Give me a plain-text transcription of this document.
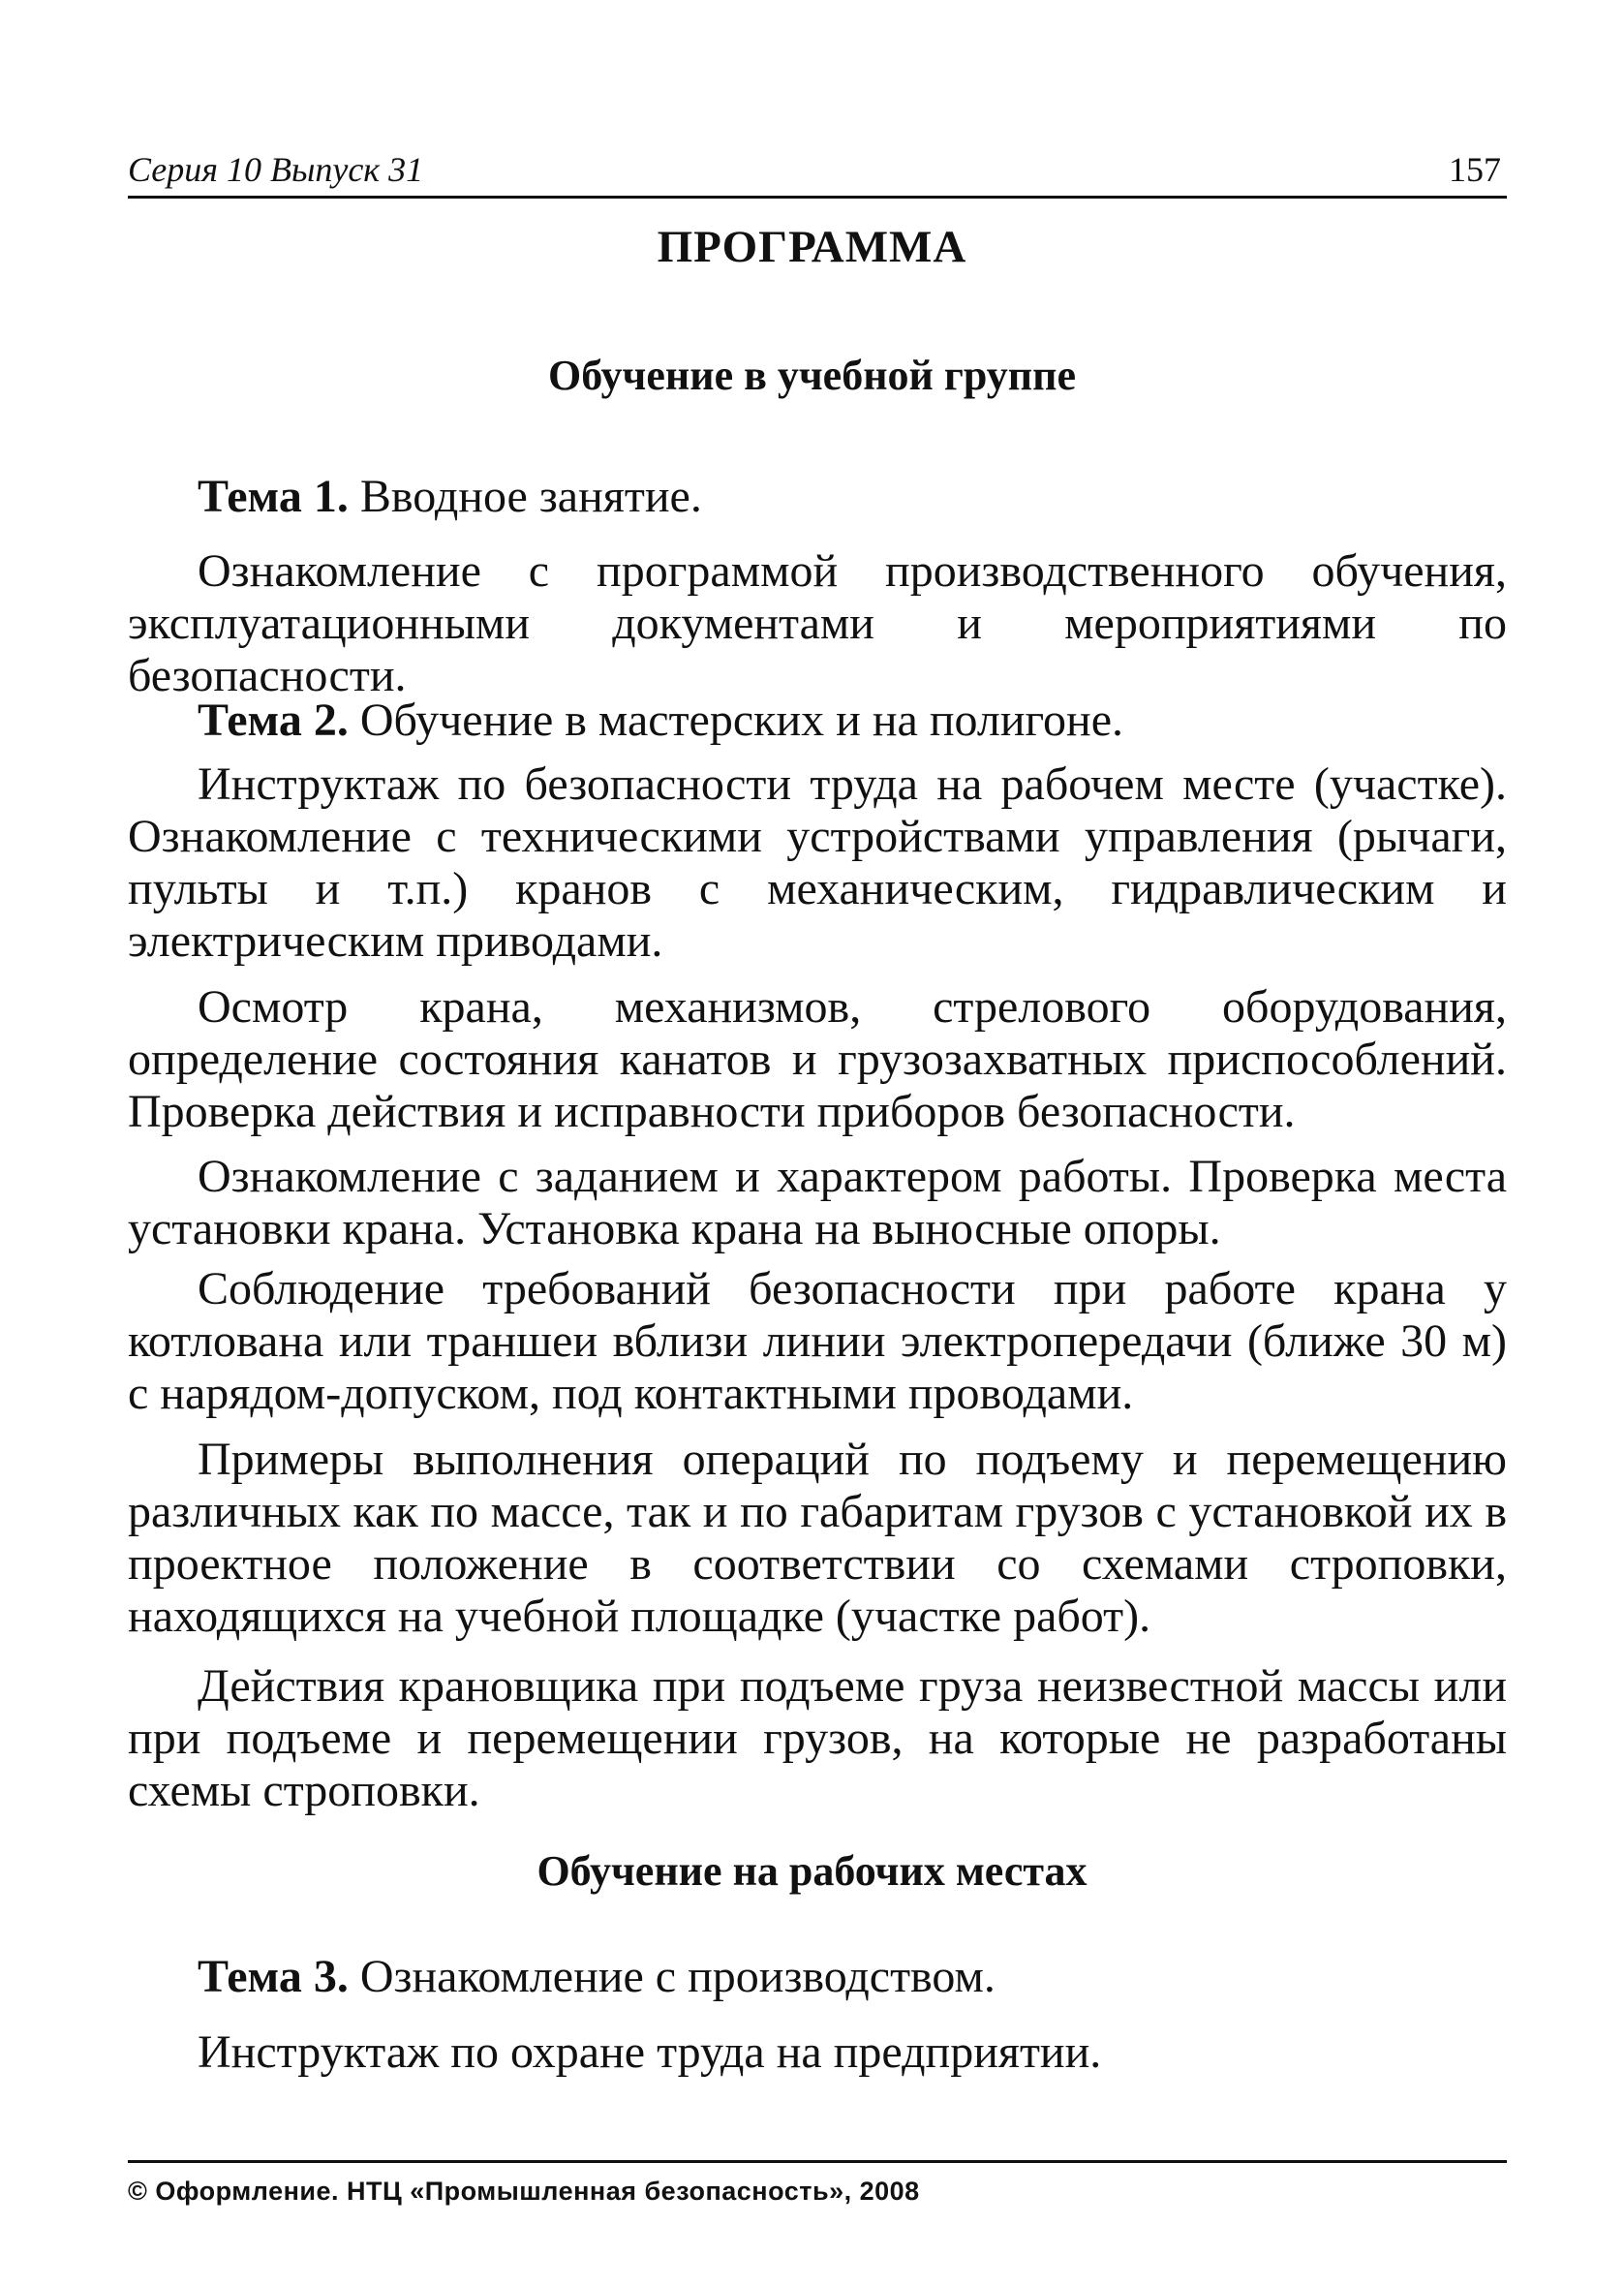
Серия 10 Выпуск 31	157
ПРОГРАММА
Обучение в учебной группе
Тема 1. Вводное занятие.
Ознакомление с программой производственного обучения, эксплуатационными документами и мероприятиями по безопасности.
Тема 2. Обучение в мастерских и на полигоне.
Инструктаж по безопасности труда на рабочем месте (участке). Ознакомление с техническими устройствами управления (рычаги, пульты и т.п.) кранов с механическим, гидравлическим и электрическим приводами.
Осмотр крана, механизмов, стрелового оборудования, определение состояния канатов и грузозахватных приспособлений. Проверка действия и исправности приборов безопасности.
Ознакомление с заданием и характером работы. Проверка места установки крана. Установка крана на выносные опоры.
Соблюдение требований безопасности при работе крана у котлована или траншеи вблизи линии электропередачи (ближе 30 м) с нарядом-допуском, под контактными проводами.
Примеры выполнения операций по подъему и перемещению различных как по массе, так и по габаритам грузов с установкой их в проектное положение в соответствии со схемами строповки, находящихся на учебной площадке (участке работ).
Действия крановщика при подъеме груза неизвестной массы или при подъеме и перемещении грузов, на которые не разработаны схемы строповки.
Обучение на рабочих местах
Тема 3. Ознакомление с производством.
Инструктаж по охране труда на предприятии.
© Оформление. НТЦ «Промышленная безопасность», 2008
